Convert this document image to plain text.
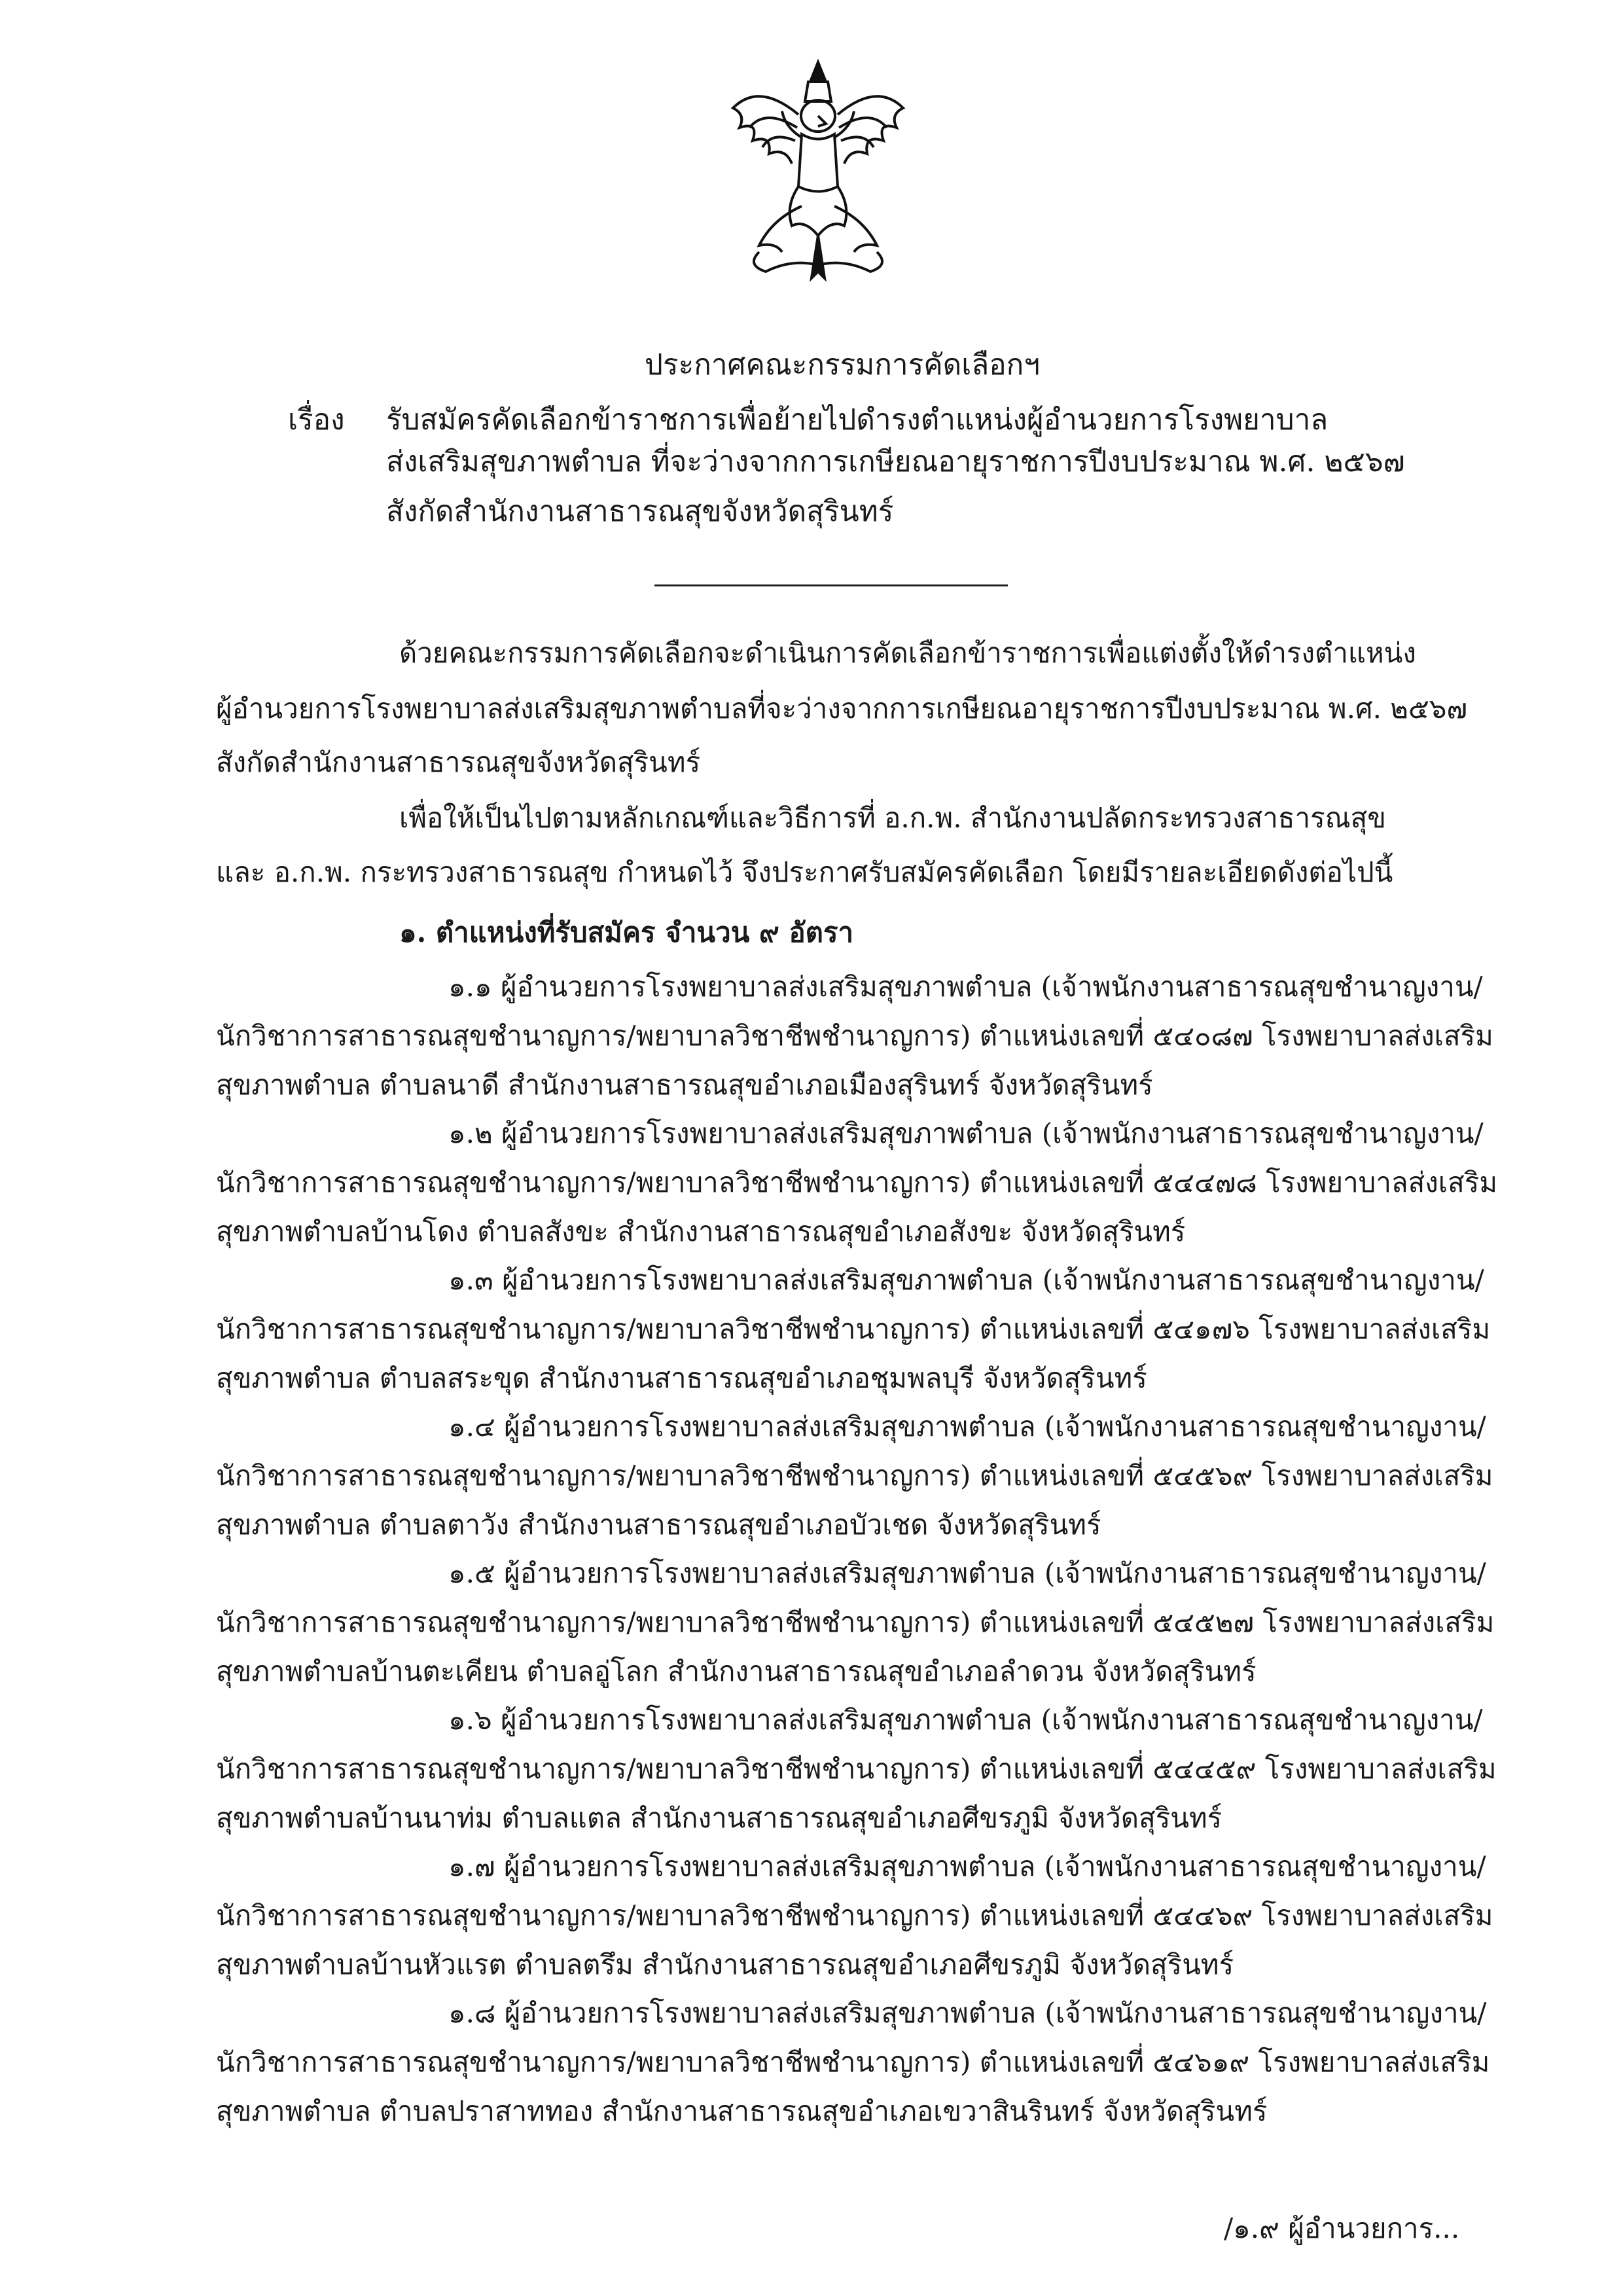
ประกาศคณะกรรมการคัดเลือกฯ
เรื่อง รับสมัครคัดเลือกข้าราชการเพื่อย้ายไปดำรงตำแหน่งผู้อำนวยการโรงพยาบาล
ส่งเสริมสุขภาพตำบล ที่จะว่างจากการเกษียณอายุราชการปีงบประมาณ พ.ศ. ๒๕๖๗
สังกัดสำนักงานสาธารณสุขจังหวัดสุรินทร์
ด้วยคณะกรรมการคัดเลือกจะดำเนินการคัดเลือกข้าราชการเพื่อแต่งตั้งให้ดำรงตำแหน่ง
ผู้อำนวยการโรงพยาบาลส่งเสริมสุขภาพตำบลที่จะว่างจากการเกษียณอายุราชการปีงบประมาณ พ.ศ. ๒๕๖๗
สังกัดสำนักงานสาธารณสุขจังหวัดสุรินทร์
เพื่อให้เป็นไปตามหลักเกณฑ์และวิธีการที่ อ.ก.พ. สำนักงานปลัดกระทรวงสาธารณสุข
และ อ.ก.พ. กระทรวงสาธารณสุข กำหนดไว้ จึงประกาศรับสมัครคัดเลือก โดยมีรายละเอียดดังต่อไปนี้
๑. ตำแหน่งที่รับสมัคร จำนวน ๙ อัตรา
๑.๑ ผู้อำนวยการโรงพยาบาลส่งเสริมสุขภาพตำบล (เจ้าพนักงานสาธารณสุขชำนาญงาน/
นักวิชาการสาธารณสุขชำนาญการ/พยาบาลวิชาชีพชำนาญการ) ตำแหน่งเลขที่ ๕๔๐๘๗ โรงพยาบาลส่งเสริม
สุขภาพตำบล ตำบลนาดี สำนักงานสาธารณสุขอำเภอเมืองสุรินทร์ จังหวัดสุรินทร์
๑.๒ ผู้อำนวยการโรงพยาบาลส่งเสริมสุขภาพตำบล (เจ้าพนักงานสาธารณสุขชำนาญงาน/
นักวิชาการสาธารณสุขชำนาญการ/พยาบาลวิชาชีพชำนาญการ) ตำแหน่งเลขที่ ๕๔๔๗๘ โรงพยาบาลส่งเสริม
สุขภาพตำบลบ้านโดง ตำบลสังขะ สำนักงานสาธารณสุขอำเภอสังขะ จังหวัดสุรินทร์
๑.๓ ผู้อำนวยการโรงพยาบาลส่งเสริมสุขภาพตำบล (เจ้าพนักงานสาธารณสุขชำนาญงาน/
นักวิชาการสาธารณสุขชำนาญการ/พยาบาลวิชาชีพชำนาญการ) ตำแหน่งเลขที่ ๕๔๑๗๖ โรงพยาบาลส่งเสริม
สุขภาพตำบล ตำบลสระขุด สำนักงานสาธารณสุขอำเภอชุมพลบุรี จังหวัดสุรินทร์
๑.๔ ผู้อำนวยการโรงพยาบาลส่งเสริมสุขภาพตำบล (เจ้าพนักงานสาธารณสุขชำนาญงาน/
นักวิชาการสาธารณสุขชำนาญการ/พยาบาลวิชาชีพชำนาญการ) ตำแหน่งเลขที่ ๕๔๕๖๙ โรงพยาบาลส่งเสริม
สุขภาพตำบล ตำบลตาวัง สำนักงานสาธารณสุขอำเภอบัวเชด จังหวัดสุรินทร์
๑.๕ ผู้อำนวยการโรงพยาบาลส่งเสริมสุขภาพตำบล (เจ้าพนักงานสาธารณสุขชำนาญงาน/
นักวิชาการสาธารณสุขชำนาญการ/พยาบาลวิชาชีพชำนาญการ) ตำแหน่งเลขที่ ๕๔๕๒๗ โรงพยาบาลส่งเสริม
สุขภาพตำบลบ้านตะเคียน ตำบลอู่โลก สำนักงานสาธารณสุขอำเภอลำดวน จังหวัดสุรินทร์
๑.๖ ผู้อำนวยการโรงพยาบาลส่งเสริมสุขภาพตำบล (เจ้าพนักงานสาธารณสุขชำนาญงาน/
นักวิชาการสาธารณสุขชำนาญการ/พยาบาลวิชาชีพชำนาญการ) ตำแหน่งเลขที่ ๕๔๔๕๙ โรงพยาบาลส่งเสริม
สุขภาพตำบลบ้านนาท่ม ตำบลแตล สำนักงานสาธารณสุขอำเภอศีขรภูมิ จังหวัดสุรินทร์
๑.๗ ผู้อำนวยการโรงพยาบาลส่งเสริมสุขภาพตำบล (เจ้าพนักงานสาธารณสุขชำนาญงาน/
นักวิชาการสาธารณสุขชำนาญการ/พยาบาลวิชาชีพชำนาญการ) ตำแหน่งเลขที่ ๕๔๔๖๙ โรงพยาบาลส่งเสริม
สุขภาพตำบลบ้านหัวแรต ตำบลตรึม สำนักงานสาธารณสุขอำเภอศีขรภูมิ จังหวัดสุรินทร์
๑.๘ ผู้อำนวยการโรงพยาบาลส่งเสริมสุขภาพตำบล (เจ้าพนักงานสาธารณสุขชำนาญงาน/
นักวิชาการสาธารณสุขชำนาญการ/พยาบาลวิชาชีพชำนาญการ) ตำแหน่งเลขที่ ๕๔๖๑๙ โรงพยาบาลส่งเสริม
สุขภาพตำบล ตำบลปราสาททอง สำนักงานสาธารณสุขอำเภอเขวาสินรินทร์ จังหวัดสุรินทร์
/๑.๙ ผู้อำนวยการ...
